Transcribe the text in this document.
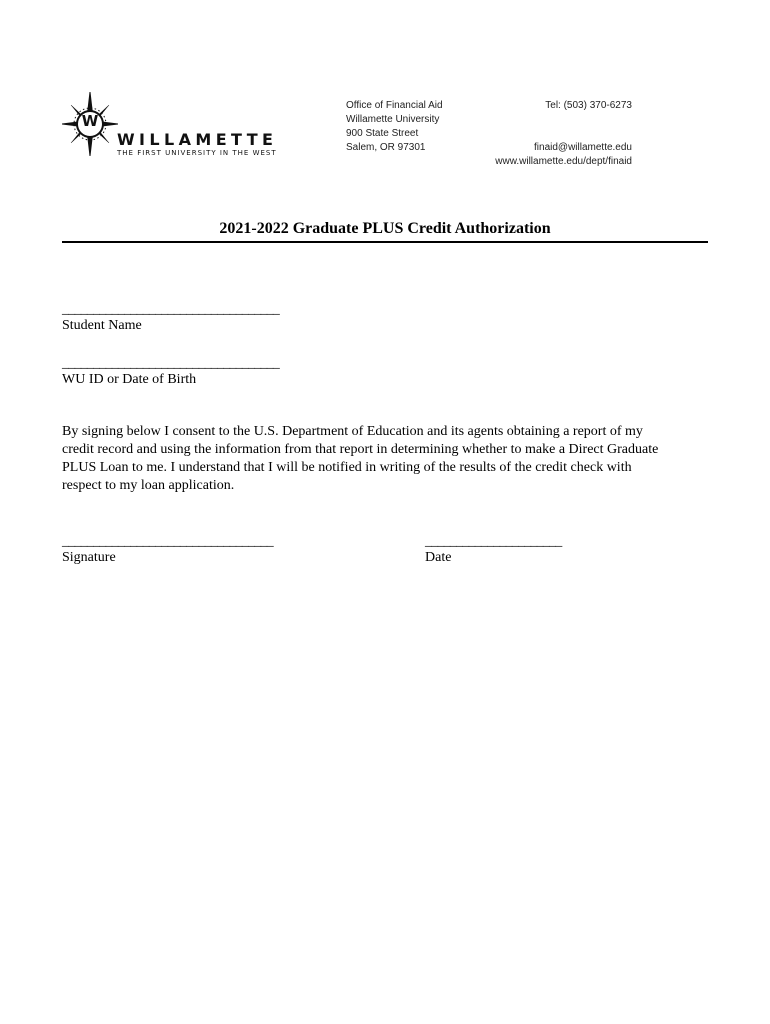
W
WILLAMETTE
THE FIRST UNIVERSITY IN THE WEST
Office of Financial Aid
Willamette University
900 State Street
Salem, OR 97301
Tel: (503) 370-6273
finaid@willamette.edu
www.willamette.edu/dept/finaid
2021-2022 Graduate PLUS Credit Authorization
___________________________________
Student Name
___________________________________
WU ID or Date of Birth
By signing below I consent to the U.S. Department of Education and its agents obtaining a report of my
credit record and using the information from that report in determining whether to make a Direct Graduate
PLUS Loan to me. I understand that I will be notified in writing of the results of the credit check with
respect to my loan application.
__________________________________
Signature
______________________
Date
